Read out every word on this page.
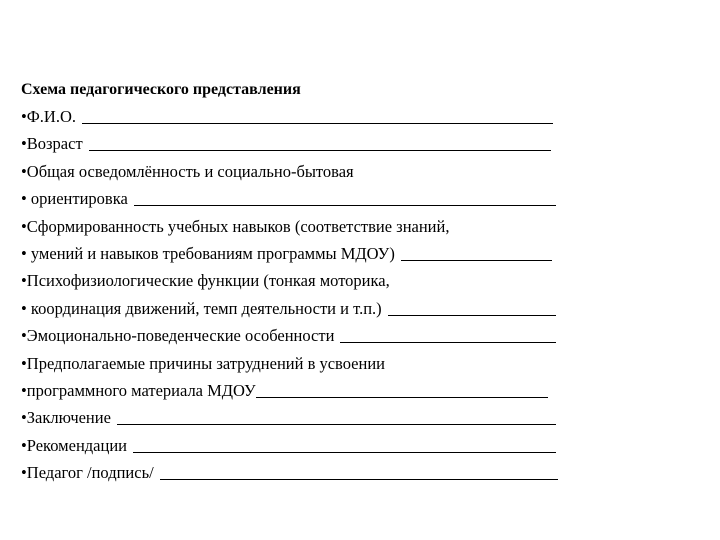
Схема педагогического представления
•Ф.И.О.
•Возраст
•Общая осведомлённость и социально-бытовая
• ориентировка
•Сформированность учебных навыков (соответствие знаний,
• умений и навыков требованиям программы МДОУ)
•Психофизиологические функции (тонкая моторика,
• координация движений, темп деятельности и т.п.)
•Эмоционально-поведенческие особенности
•Предполагаемые причины затруднений в усвоении
•программного материала МДОУ
•Заключение
•Рекомендации
•Педагог /подпись/
